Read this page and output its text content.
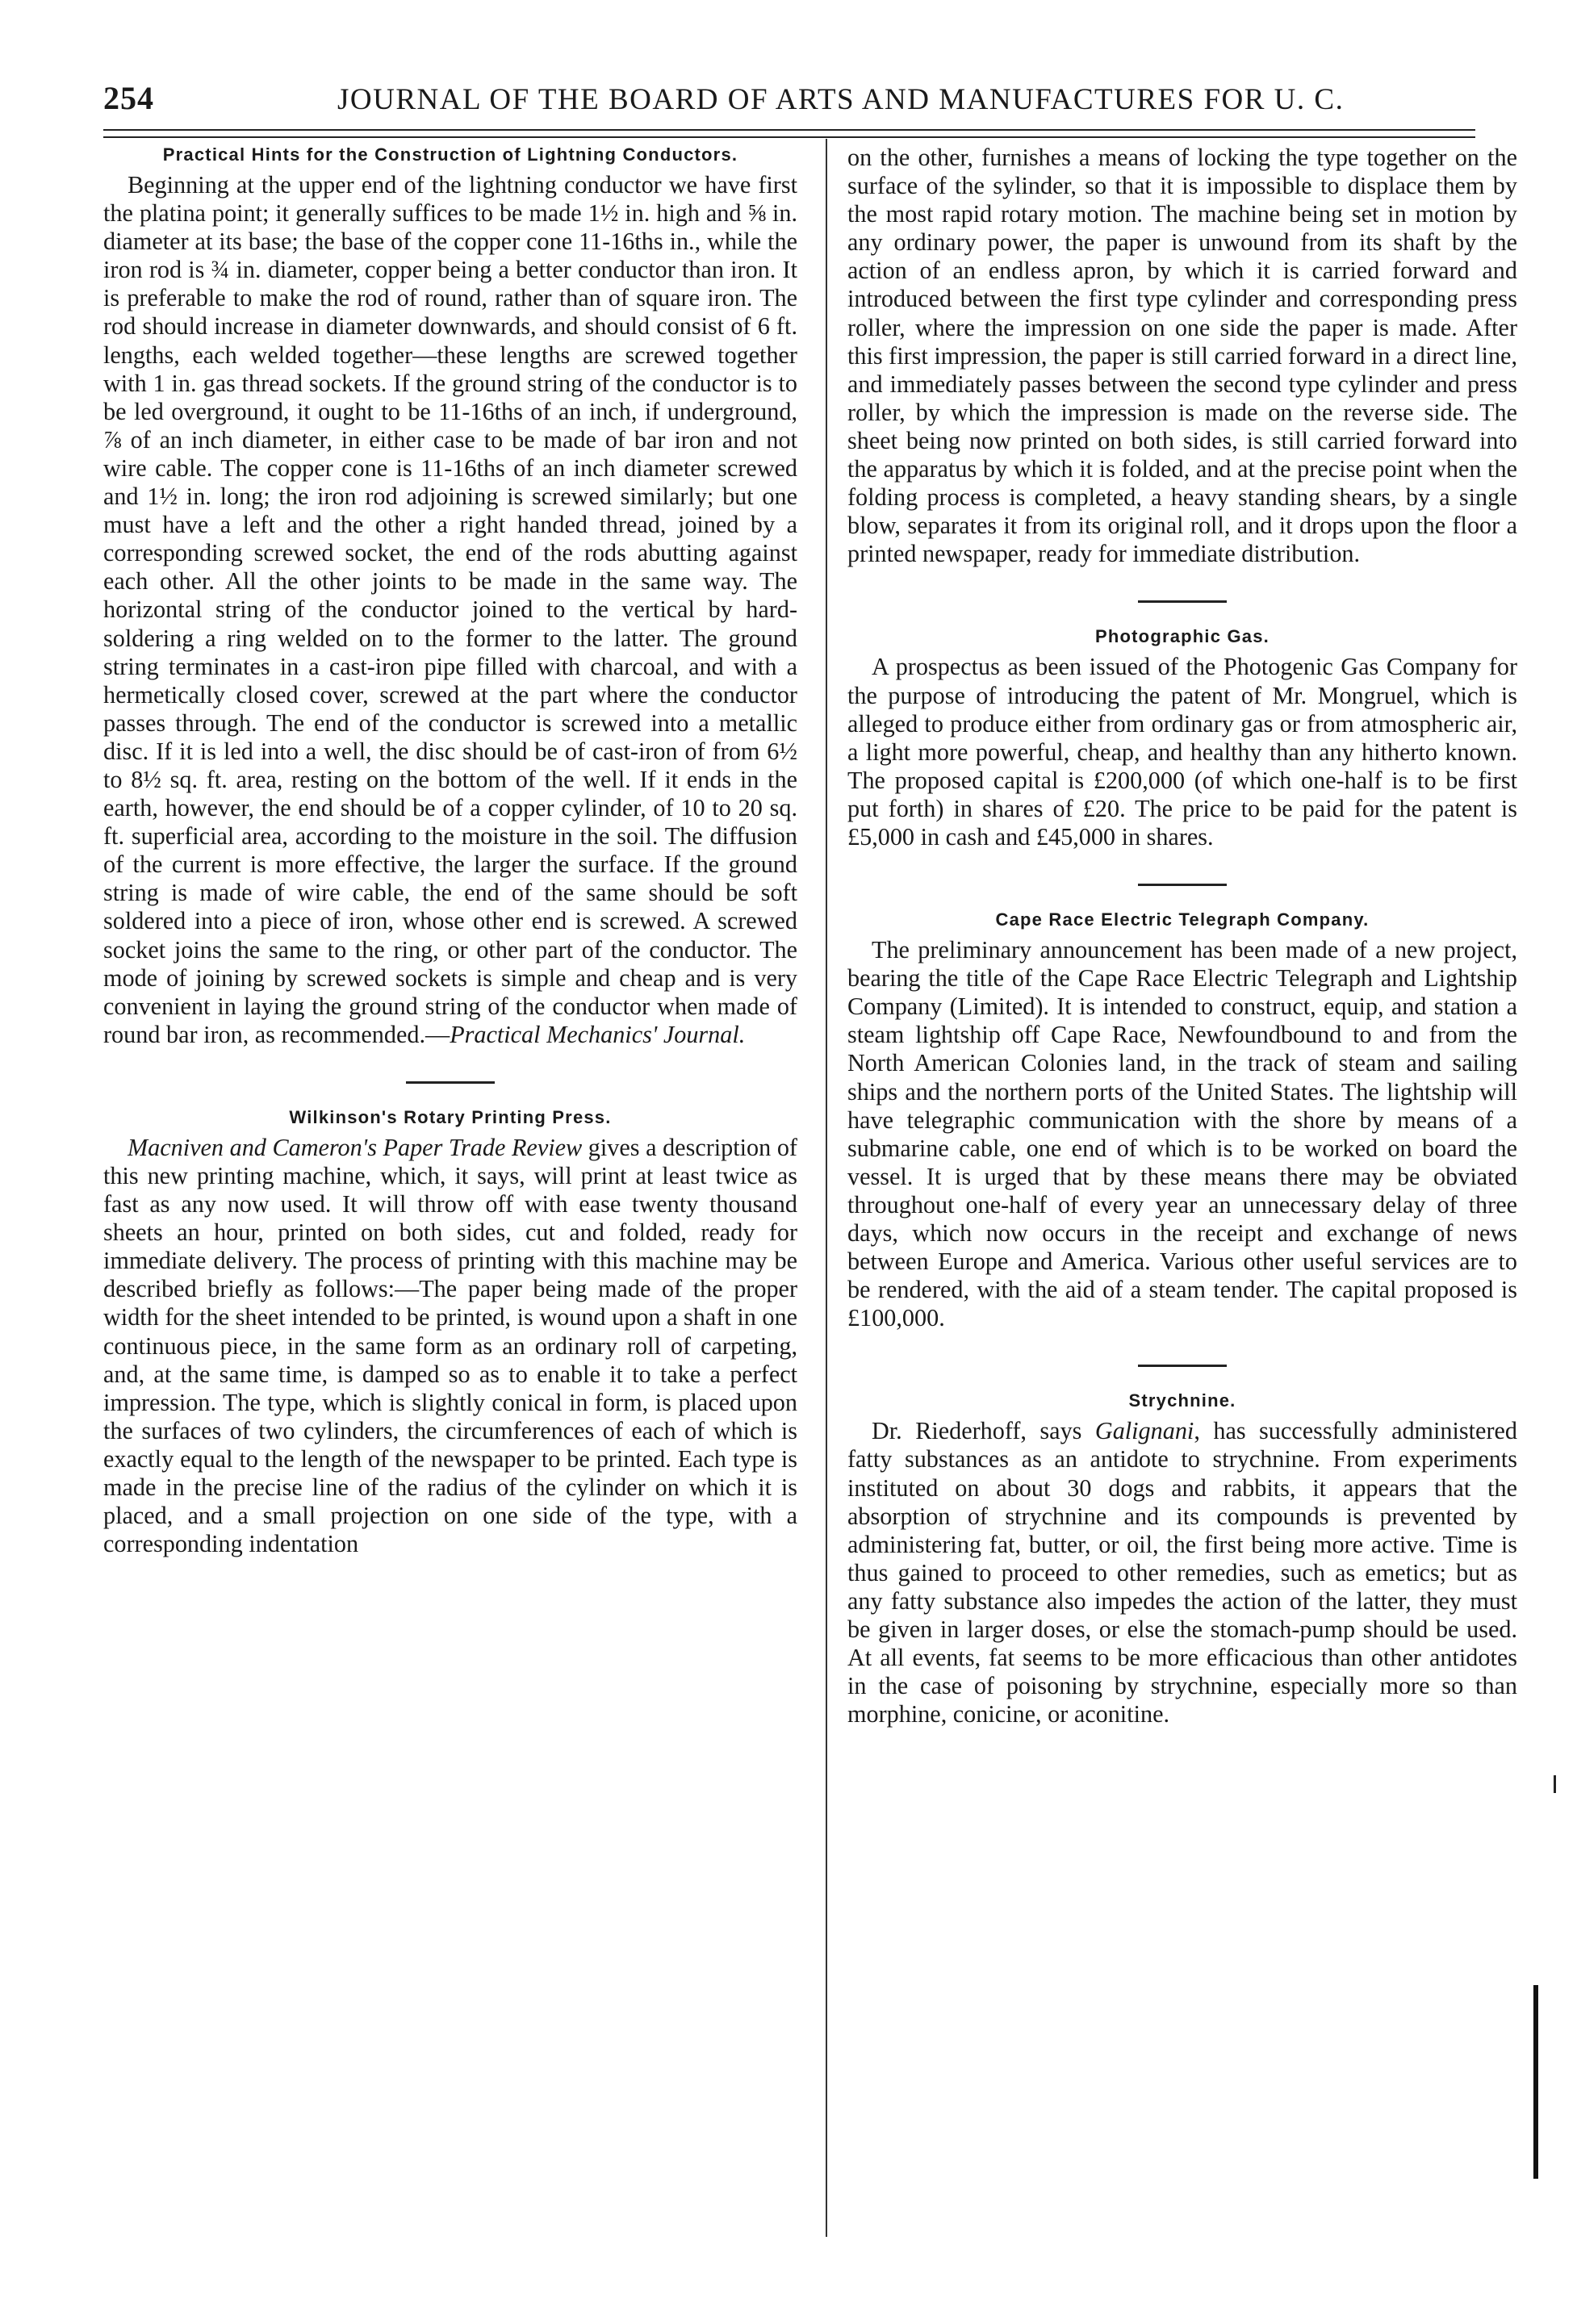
254	JOURNAL OF THE BOARD OF ARTS AND MANUFACTURES FOR U. C.
Practical Hints for the Construction of Lightning Conductors.

Beginning at the upper end of the lightning conductor we have first the platina point; it generally suffices to be made 1½ in. high and ⅝ in. diameter at its base; the base of the copper cone 11-16ths in., while the iron rod is ¾ in. diameter, copper being a better conductor than iron. It is preferable to make the rod of round, rather than of square iron. The rod should increase in diameter downwards, and should consist of 6 ft. lengths, each welded together—these lengths are screwed together with 1 in. gas thread sockets. If the ground string of the conductor is to be led overground, it ought to be 11-16ths of an inch, if underground, ⅞ of an inch diameter, in either case to be made of bar iron and not wire cable. The copper cone is 11-16ths of an inch diameter screwed and 1½ in. long; the iron rod adjoining is screwed similarly; but one must have a left and the other a right handed thread, joined by a corresponding screwed socket, the end of the rods abutting against each other. All the other joints to be made in the same way. The horizontal string of the conductor joined to the vertical by hard-soldering a ring welded on to the former to the latter. The ground string terminates in a cast-iron pipe filled with charcoal, and with a hermetically closed cover, screwed at the part where the conductor passes through. The end of the conductor is screwed into a metallic disc. If it is led into a well, the disc should be of cast-iron of from 6½ to 8½ sq. ft. area, resting on the bottom of the well. If it ends in the earth, however, the end should be of a copper cylinder, of 10 to 20 sq. ft. superficial area, according to the moisture in the soil. The diffusion of the current is more effective, the larger the surface. If the ground string is made of wire cable, the end of the same should be soft soldered into a piece of iron, whose other end is screwed. A screwed socket joins the same to the ring, or other part of the conductor. The mode of joining by screwed sockets is simple and cheap and is very convenient in laying the ground string of the conductor when made of round bar iron, as recommended.—Practical Mechanics' Journal.

Wilkinson's Rotary Printing Press.

Macniven and Cameron's Paper Trade Review gives a description of this new printing machine, which, it says, will print at least twice as fast as any now used. It will throw off with ease twenty thousand sheets an hour, printed on both sides, cut and folded, ready for immediate delivery. The process of printing with this machine may be described briefly as follows:—The paper being made of the proper width for the sheet intended to be printed, is wound upon a shaft in one continuous piece, in the same form as an ordinary roll of carpeting, and, at the same time, is damped so as to enable it to take a perfect impression. The type, which is slightly conical in form, is placed upon the surfaces of two cylinders, the circumferences of each of which is exactly equal to the length of the newspaper to be printed. Each type is made in the precise line of the radius of the cylinder on which it is placed, and a small projection on one side of the type, with a corresponding indentation

on the other, furnishes a means of locking the type together on the surface of the sylinder, so that it is impossible to displace them by the most rapid rotary motion. The machine being set in motion by any ordinary power, the paper is unwound from its shaft by the action of an endless apron, by which it is carried forward and introduced between the first type cylinder and corresponding press roller, where the impression on one side the paper is made. After this first impression, the paper is still carried forward in a direct line, and immediately passes between the second type cylinder and press roller, by which the impression is made on the reverse side. The sheet being now printed on both sides, is still carried forward into the apparatus by which it is folded, and at the precise point when the folding process is completed, a heavy standing shears, by a single blow, separates it from its original roll, and it drops upon the floor a printed newspaper, ready for immediate distribution.

Photographic Gas.

A prospectus as been issued of the Photogenic Gas Company for the purpose of introducing the patent of Mr. Mongruel, which is alleged to produce either from ordinary gas or from atmospheric air, a light more powerful, cheap, and healthy than any hitherto known. The proposed capital is £200,000 (of which one-half is to be first put forth) in shares of £20. The price to be paid for the patent is £5,000 in cash and £45,000 in shares.

Cape Race Electric Telegraph Company.

The preliminary announcement has been made of a new project, bearing the title of the Cape Race Electric Telegraph and Lightship Company (Limited). It is intended to construct, equip, and station a steam lightship off Cape Race, Newfoundbound to and from the North American Colonies land, in the track of steam and sailing ships and the northern ports of the United States. The lightship will have telegraphic communication with the shore by means of a submarine cable, one end of which is to be worked on board the vessel. It is urged that by these means there may be obviated throughout one-half of every year an unnecessary delay of three days, which now occurs in the receipt and exchange of news between Europe and America. Various other useful services are to be rendered, with the aid of a steam tender. The capital proposed is £100,000.

Strychnine.

Dr. Riederhoff, says Galignani, has successfully administered fatty substances as an antidote to strychnine. From experiments instituted on about 30 dogs and rabbits, it appears that the absorption of strychnine and its compounds is prevented by administering fat, butter, or oil, the first being more active. Time is thus gained to proceed to other remedies, such as emetics; but as any fatty substance also impedes the action of the latter, they must be given in larger doses, or else the stomach-pump should be used. At all events, fat seems to be more efficacious than other antidotes in the case of poisoning by strychnine, especially more so than morphine, conicine, or aconitine.
